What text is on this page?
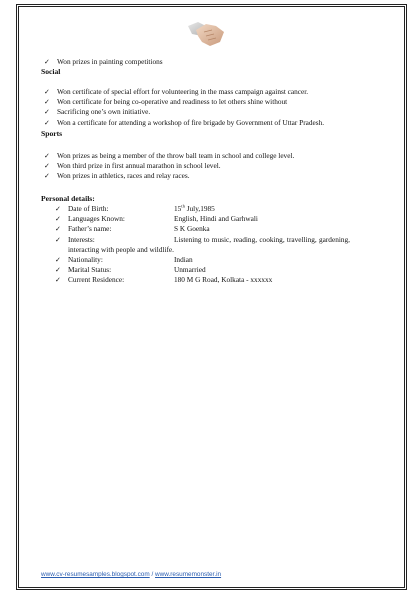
✓ Won prizes in painting competitions
Social
✓ Won certificate of special effort for volunteering in the mass campaign against cancer.
✓ Won certificate for being co-operative and readiness to let others shine without
✓ Sacrificing one’s own initiative.
✓ Won a certificate for attending a workshop of fire brigade by Government of Uttar Pradesh.
Sports
✓ Won prizes as being a member of the throw ball team in school and college level.
✓ Won third prize in first annual marathon in school level.
✓ Won prizes in athletics, races and relay races.
Personal details:
✓ Date of Birth:	15th July,1985
✓ Languages Known:	English, Hindi and Garhwali
✓ Father’s name:	S K Goenka
✓ Interests:	Listening to music, reading, cooking, travelling, gardening,
interacting with people and wildlife.
✓ Nationality:	Indian
✓ Marital Status:	Unmarried
✓ Current Residence:	180 M G Road, Kolkata - xxxxxx
www.cv-resumesamples.blogspot.com / www.resumemonster.in
